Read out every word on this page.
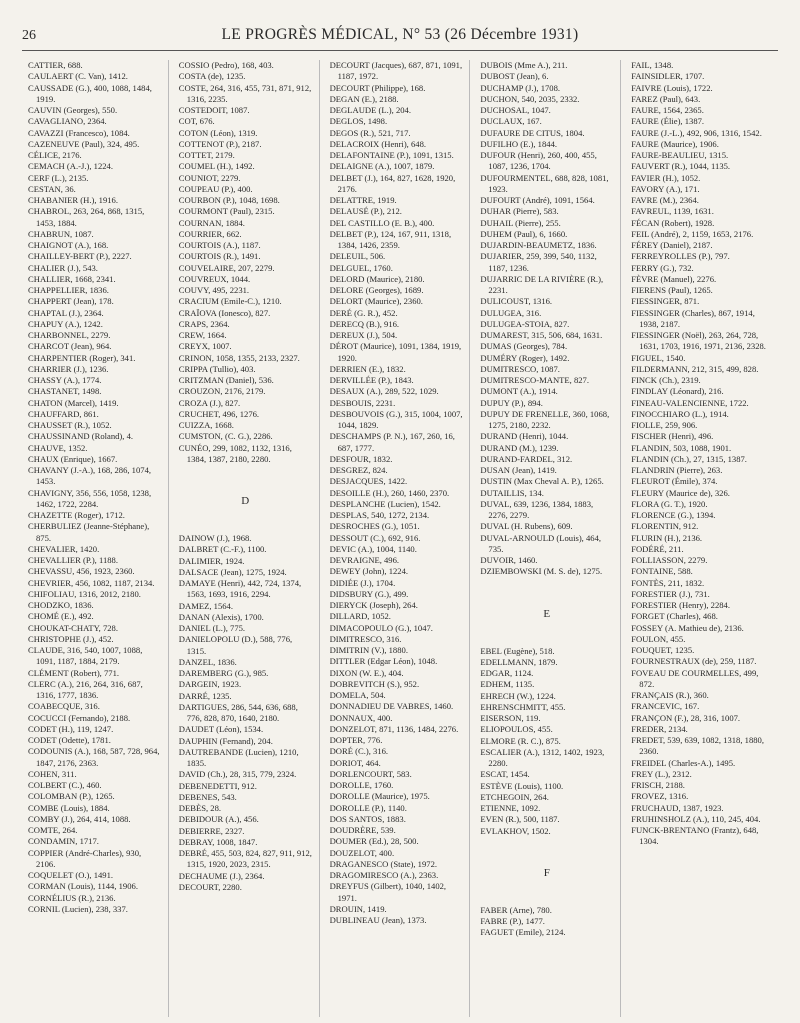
26	LE PROGRÈS MÉDICAL, N° 53 (26 Décembre 1931)
CATTIER, 688.
CAULAERT (C. Van), 1412.
CAUSSADE (G.), 400, 1088, 1484, 1919.
CAUVIN (Georges), 550.
CAVAGLIANO, 2364.
CAVAZZI (Francesco), 1084.
CAZENEUVE (Paul), 324, 495.
CÉLICE, 2176.
CEMACH (A.-J.), 1224.
CERF (L.), 2135.
CESTAN, 36.
CHABANIER (H.), 1916.
CHABROL, 263, 264, 868, 1315, 1453, 1884.
CHABRUN, 1087.
CHAIGNOT (A.), 168.
CHAILLEY-BERT (P.), 2227.
CHALIER (J.), 543.
CHALLIER, 1668, 2341.
CHAPPELLIER, 1836.
CHAPPERT (Jean), 178.
CHAPTAL (J.), 2364.
CHAPUY (A.), 1242.
CHARBONNEL, 2279.
CHARCOT (Jean), 964.
CHARPENTIER (Roger), 341.
CHARRIER (J.), 1236.
CHASSY (A.), 1774.
CHASTANET, 1498.
CHATON (Marcel), 1419.
CHAUFFARD, 861.
CHAUSSET (R.), 1052.
CHAUSSINAND (Roland), 4.
CHAUVE, 1352.
CHAUX (Enrique), 1667.
CHAVANY (J.-A.), 168, 286, 1074, 1453.
CHAVIGNY, 356, 556, 1058, 1238, 1462, 1722, 2284.
CHAZETTE (Roger), 1712.
CHERBULIEZ (Jeanne-Stéphane), 875.
CHEVALIER, 1420.
CHEVALLIER (P.), 1188.
CHEVASSU, 456, 1923, 2360.
CHEVRIER, 456, 1082, 1187, 2134.
CHIFOLIAU, 1316, 2012, 2180.
CHODZKO, 1836.
CHOMÉ (E.), 492.
CHOUKAT-CHATY, 728.
CHRISTOPHE (J.), 452.
CLAUDE, 316, 540, 1007, 1088, 1091, 1187, 1884, 2179.
CLÉMENT (Robert), 771.
CLERC (A.), 216, 264, 316, 687, 1316, 1777, 1836.
COABECQUE, 316.
COCUCCI (Fernando), 2188.
CODET (H.), 119, 1247.
CODET (Odette), 1781.
CODOUNIS (A.), 168, 587, 728, 964, 1847, 2176, 2363.
COHEN, 311.
COLBERT (C.), 460.
COLOMBAN (P.), 1265.
COMBE (Louis), 1884.
COMBY (J.), 264, 414, 1088.
COMTE, 264.
CONDAMIN, 1717.
COPPIER (André-Charles), 930, 2106.
COQUELET (O.), 1491.
CORMAN (Louis), 1144, 1906.
CORNÉLIUS (R.), 2136.
CORNIL (Lucien), 238, 337.
COSSIO (Pedro), 168, 403.
COSTA (de), 1235.
COSTE, 264, 316, 455, 731, 871, 912, 1316, 2235.
COSTEDOIT, 1087.
COT, 676.
COTON (Léon), 1319.
COTTENOT (P.), 2187.
COTTET, 2179.
COUMEL (H.), 1492.
COUNIOT, 2279.
COUPEAU (P.), 400.
COURBON (P.), 1048, 1698.
COURMONT (Paul), 2315.
COURNAN, 1884.
COURRIER, 662.
COURTOIS (A.), 1187.
COURTOIS (R.), 1491.
COUVELAIRE, 207, 2279.
COUVREUX, 1044.
COUVY, 495, 2231.
CRACIUM (Emile-C.), 1210.
CRAÏOVA (Ionesco), 827.
CRAPS, 2364.
CREW, 1664.
CREYX, 1007.
CRINON, 1058, 1355, 2133, 2327.
CRIPPA (Tullio), 403.
CRITZMAN (Daniel), 536.
CROUZON, 2176, 2179.
CROZA (J.), 827.
CRUCHET, 496, 1276.
CUIZZA, 1668.
CUMSTON, (C. G.), 2286.
CUNÉO, 299, 1082, 1132, 1316, 1384, 1387, 2180, 2280.
D
DAINOW (J.), 1968.
DALBRET (C.-F.), 1100.
DALIMIER, 1924.
DALSACE (Jean), 1275, 1924.
DAMAYE (Henri), 442, 724, 1374, 1563, 1693, 1916, 2294.
DAMEZ, 1564.
DANAN (Alexis), 1700.
DANIEL (L.), 775.
DANIELOPOLU (D.), 588, 776, 1315.
DANZEL, 1836.
DAREMBERG (G.), 985.
DARGEIN, 1923.
DARRÉ, 1235.
DARTIGUES, 286, 544, 636, 688, 776, 828, 870, 1640, 2180.
DAUDET (Léon), 1534.
DAUPHIN (Fernand), 204.
DAUTREBANDE (Lucien), 1210, 1835.
DAVID (Ch.), 28, 315, 779, 2324.
DEBENEDETTI, 912.
DEBENES, 543.
DEBÈS, 28.
DEBIDOUR (A.), 456.
DEBIERRE, 2327.
DEBRAY, 1008, 1847.
DEBRÉ, 455, 503, 824, 827, 911, 912, 1315, 1920, 2023, 2315.
DECHAUME (J.), 2364.
DECOURT, 2280.
DECOURT (Jacques), 687, 871, 1091, 1187, 1972.
DECOURT (Philippe), 168.
DEGAN (E.), 2188.
DEGLAUDE (L.), 204.
DEGLOS, 1498.
DEGOS (R.), 521, 717.
DELACROIX (Henri), 648.
DELAFONTAINE (P.), 1091, 1315.
DELAIGNE (A.), 1007, 1879.
DELBET (J.), 164, 827, 1628, 1920, 2176.
DELATTRE, 1919.
DELAUSÉ (P.), 212.
DEL CASTILLO (E. B.), 400.
DELBET (P.), 124, 167, 911, 1318, 1384, 1426, 2359.
DELEUIL, 506.
DELGUEL, 1760.
DELORD (Maurice), 2180.
DELORE (Georges), 1689.
DELORT (Maurice), 2360.
DERÉ (G. R.), 452.
DERECQ (B.), 916.
DEREUX (J.), 504.
DÉROT (Maurice), 1091, 1384, 1919, 1920.
DERRIEN (E.), 1832.
DERVILLÉE (P.), 1843.
DESAUX (A.), 289, 522, 1029.
DESBOUIS, 2231.
DESBOUVOIS (G.), 315, 1004, 1007, 1044, 1829.
DESCHAMPS (P. N.), 167, 260, 16, 687, 1777.
DESFOUR, 1832.
DESGREZ, 824.
DESJACQUES, 1422.
DESOILLE (H.), 260, 1460, 2370.
DESPLANCHE (Lucien), 1542.
DESPLAS, 540, 1272, 2134.
DESROCHES (G.), 1051.
DESSOUT (C.), 692, 916.
DEVIC (A.), 1004, 1140.
DEVRAIGNE, 496.
DEWEY (John), 1224.
DIDIÉE (J.), 1704.
DIDSBURY (G.), 499.
DIERYCK (Joseph), 264.
DILLARD, 1052.
DIMACOPOULO (G.), 1047.
DIMITRESCO, 316.
DIMITRIN (V.), 1880.
DITTLER (Edgar Léon), 1048.
DIXON (W. E.), 404.
DOBREVITCH (S.), 952.
DOMELA, 504.
DONNADIEU DE VABRES, 1460.
DONNAUX, 400.
DONZELOT, 871, 1136, 1484, 2276.
DOPTER, 776.
DORÉ (C.), 316.
DORIOT, 464.
DORLENCOURT, 583.
DOROLLE, 1760.
DOROLLE (Maurice), 1975.
DOROLLE (P.), 1140.
DOS SANTOS, 1883.
DOUDRÈRE, 539.
DOUMER (Ed.), 28, 500.
DOUZELOT, 400.
DRAGANESCO (State), 1972.
DRAGOMIRESCO (A.), 2363.
DREYFUS (Gilbert), 1040, 1402, 1971.
DROUIN, 1419.
DUBLINEAU (Jean), 1373.
DUBOIS (Mme A.), 211.
DUBOST (Jean), 6.
DUCHAMP (J.), 1708.
DUCHON, 540, 2035, 2332.
DUCHOSAL, 1047.
DUCLAUX, 167.
DUFAURE DE CITUS, 1804.
DUFILHO (E.), 1844.
DUFOUR (Henri), 260, 400, 455, 1087, 1236, 1704.
DUFOURMENTEL, 688, 828, 1081, 1923.
DUFOURT (André), 1091, 1564.
DUHAR (Pierre), 583.
DUHAIL (Pierre), 255.
DUHEM (Paul), 6, 1660.
DUJARDIN-BEAUMETZ, 1836.
DUJARIER, 259, 399, 540, 1132, 1187, 1236.
DUJARRIC DE LA RIVIÈRE (R.), 2231.
DULICOUST, 1316.
DULUGEA, 316.
DULUGEA-STOIA, 827.
DUMAREST, 315, 506, 684, 1631.
DUMAS (Georges), 784.
DUMÉRY (Roger), 1492.
DUMITRESCO, 1087.
DUMITRESCO-MANTE, 827.
DUMONT (A.), 1914.
DUPUY (P.), 894.
DUPUY DE FRENELLE, 360, 1068, 1275, 2180, 2232.
DURAND (Henri), 1044.
DURAND (M.), 1239.
DURAND-FARDEL, 312.
DUSAN (Jean), 1419.
DUSTIN (Max Cheval A. P.), 1265.
DUTAILLIS, 134.
DUVAL, 639, 1236, 1384, 1883, 2276, 2279.
DUVAL (H. Rubens), 609.
DUVAL-ARNOULD (Louis), 464, 735.
DUVOIR, 1460.
DZIEMBOWSKI (M. S. de), 1275.
E
EBEL (Eugène), 518.
EDELLMANN, 1879.
EDGAR, 1124.
EDHEM, 1135.
EHRECH (W.), 1224.
EHRENSCHMITT, 455.
EISERSON, 119.
ELIOPOULOS, 455.
ELMORE (R. C.), 875.
ESCALIER (A.), 1312, 1402, 1923, 2280.
ESCAT, 1454.
ESTÈVE (Louis), 1100.
ETCHEGOIN, 264.
ETIENNE, 1092.
EVEN (R.), 500, 1187.
EVLAKHOV, 1502.
F
FABER (Arne), 780.
FABRE (P.), 1477.
FAGUET (Emile), 2124.
FAIL, 1348.
FAINSIDLER, 1707.
FAIVRE (Louis), 1722.
FAREZ (Paul), 643.
FAURE, 1564, 2365.
FAURE (Élie), 1387.
FAURE (J.-L.), 492, 906, 1316, 1542.
FAURE (Maurice), 1906.
FAURE-BEAULIEU, 1315.
FAUVERT (R.), 1044, 1135.
FAVIER (H.), 1052.
FAVORY (A.), 171.
FAVRE (M.), 2364.
FAVREUL, 1139, 1631.
FÉCAN (Robert), 1928.
FEIL (André), 2, 1159, 1653, 2176.
FÉREY (Daniel), 2187.
FERREYROLLES (P.), 797.
FERRY (G.), 732.
FÈVRE (Manuel), 2276.
FIERENS (Paul), 1265.
FIESSINGER, 871.
FIESSINGER (Charles), 867, 1914, 1938, 2187.
FIESSINGER (Noël), 263, 264, 728, 1631, 1703, 1916, 1971, 2136, 2328.
FIGUEL, 1540.
FILDERMANN, 212, 315, 499, 828.
FINCK (Ch.), 2319.
FINDLAY (Léonard), 216.
FINEAU-VALENCIENNE, 1722.
FINOCCHIARO (L.), 1914.
FIOLLE, 259, 906.
FISCHER (Henri), 496.
FLANDIN, 503, 1088, 1901.
FLANDIN (Ch.), 27, 1315, 1387.
FLANDRIN (Pierre), 263.
FLEUROT (Émile), 374.
FLEURY (Maurice de), 326.
FLORA (G. T.), 1920.
FLORENCE (G.), 1394.
FLORENTIN, 912.
FLURIN (H.), 2136.
FODÉRÉ, 211.
FOLLIASSON, 2279.
FONTAINE, 588.
FONTÈS, 211, 1832.
FORESTIER (J.), 731.
FORESTIER (Henry), 2284.
FORGET (Charles), 468.
FOSSEY (A. Mathieu de), 2136.
FOULON, 455.
FOUQUET, 1235.
FOURNESTRAUX (de), 259, 1187.
FOVEAU DE COURMELLES, 499, 872.
FRANÇAIS (R.), 360.
FRANCEVIC, 167.
FRANÇON (F.), 28, 316, 1007.
FREDER, 2134.
FREDET, 539, 639, 1082, 1318, 1880, 2360.
FREIDEL (Charles-A.), 1495.
FREY (L.), 2312.
FRISCH, 2188.
FROVEZ, 1316.
FRUCHAUD, 1387, 1923.
FRUHINSHOLZ (A.), 110, 245, 404.
FUNCK-BRENTANO (Frantz), 648, 1304.
